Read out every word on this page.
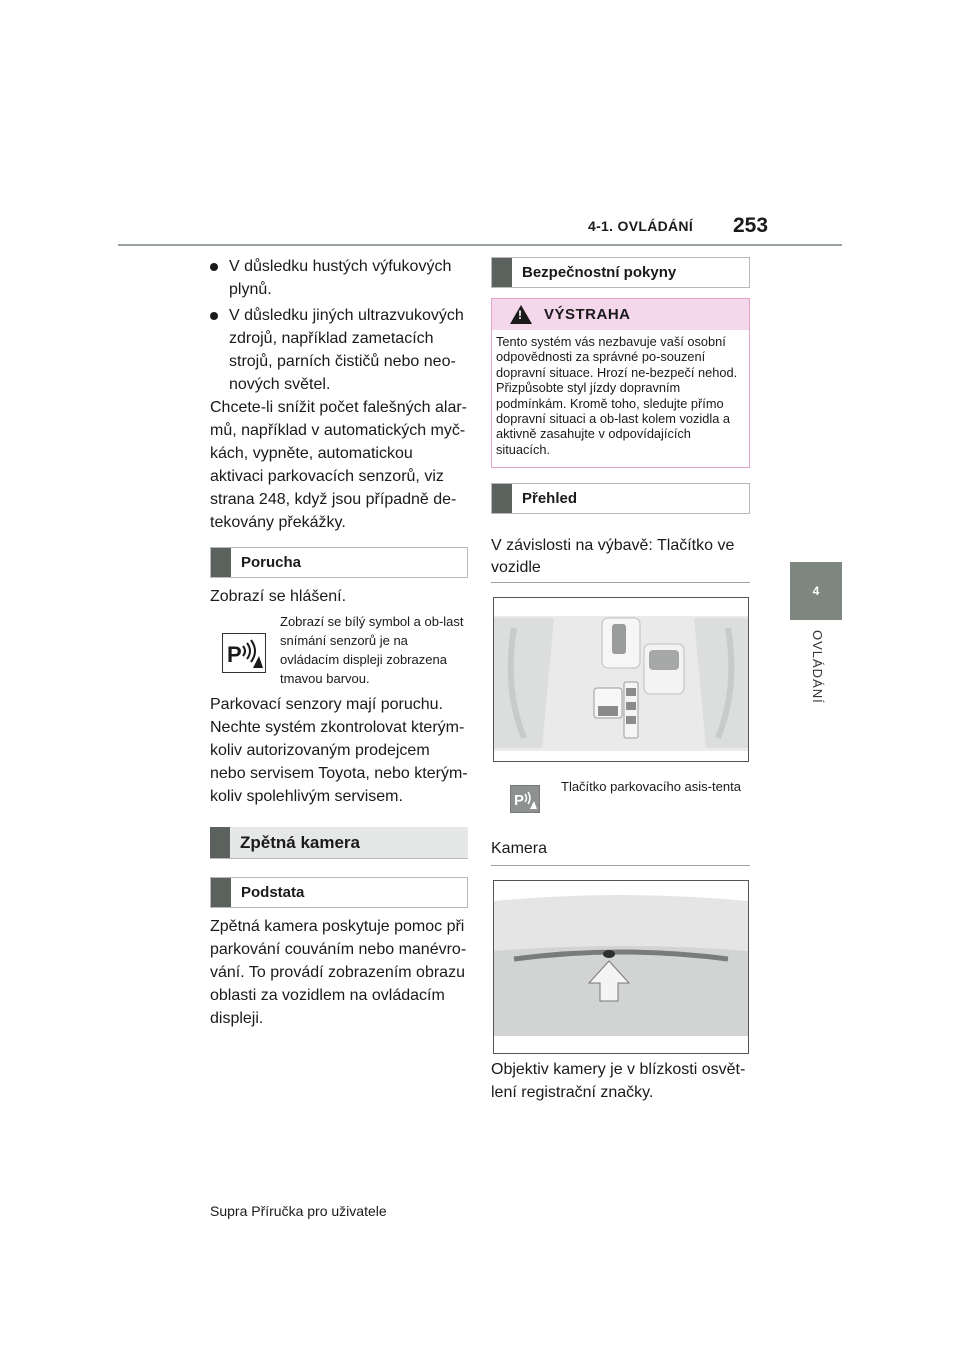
4-1. OVLÁDÁNÍ 253
4
OVLÁDÁNÍ
V důsledku hustých výfukových plynů.
V důsledku jiných ultrazvukových zdrojů, například zametacích strojů, parních čističů nebo neo-nových světel.
Chcete-li snížit počet falešných alar-mů, například v automatických myč-kách, vypněte, automatickou aktivaci parkovacích senzorů, viz strana 248, když jsou případně de-tekovány překážky.
Porucha
Zobrazí se hlášení.
P
Zobrazí se bílý symbol a ob-last snímání senzorů je na ovládacím displeji zobrazena tmavou barvou.
Parkovací senzory mají poruchu. Nechte systém zkontrolovat kterým-koliv autorizovaným prodejcem nebo servisem Toyota, nebo kterým-koliv spolehlivým servisem.
Zpětná kamera
Podstata
Zpětná kamera poskytuje pomoc při parkování couváním nebo manévro-vání. To provádí zobrazením obrazu oblasti za vozidlem na ovládacím displeji.
Bezpečnostní pokyny
!
VÝSTRAHA
Tento systém vás nezbavuje vaší osobní odpovědnosti za správné po-souzení dopravní situace. Hrozí ne-bezpečí nehod. Přizpůsobte styl jízdy dopravním podmínkám. Kromě toho, sledujte přímo dopravní situaci a ob-last kolem vozidla a aktivně zasahujte v odpovídajících situacích.
Přehled
V závislosti na výbavě: Tlačítko ve vozidle
P
Tlačítko parkovacího asis-tenta
Kamera
Objektiv kamery je v blízkosti osvět-lení registrační značky.
Supra Příručka pro uživatele
